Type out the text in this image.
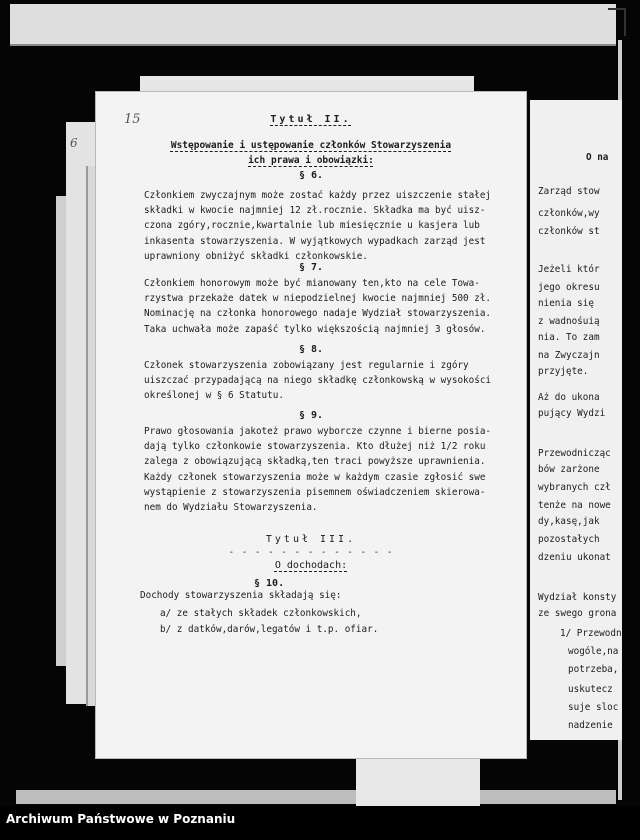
6
O na
Zarząd stow
członków,wy
członków st
Jeżeli któr
jego okresu
nienia się
z wadnośuią
nia. To zam
na Zwyczajn
przyjęte.
Aż do ukona
pujący Wydzi
Przewodnicząc
bów zarżone
wybranych czł
tenże na nowe
dy,kasę,jak
pozostałych
dzeniu ukonat
Wydział konsty
ze swego grona
1/ Przewodn
wogóle,na
potrzeba,
uskutecz
suje sloc
nadzenie
15	Tytuł II.
Wstępowanie i ustępowanie członków Stowarzyszenia
ich prawa i obowiązki:
§ 6.
Członkiem zwyczajnym może zostać każdy przez uiszczenie stałej
składki w kwocie najmniej 12 zł.rocznie. Składka ma być uisz-
czona zgóry,rocznie,kwartalnie lub miesięcznie u kasjera lub
inkasenta stowarzyszenia. W wyjątkowych wypadkach zarząd jest
uprawniony obniżyć składki członkowskie.
§ 7.
Członkiem honorowym może być mianowany ten,kto na cele Towa-
rzystwa przekaże datek w niepodzielnej kwocie najmniej 500 zł.
Nominację na członka honorowego nadaje Wydział stowarzyszenia.
Taka uchwała może zapaść tylko większością najmniej 3 głosów.
§ 8.
Członek stowarzyszenia zobowiązany jest regularnie i zgóry
uiszczać przypadającą na niego składkę członkowską w wysokości
określonej w § 6 Statutu.
§ 9.
Prawo głosowania jakoteż prawo wyborcze czynne i bierne posia-
dają tylko członkowie stowarzyszenia. Kto dłużej niż 1/2 roku
zalega z obowiązującą składką,ten traci powyższe uprawnienia.
Każdy członek stowarzyszenia może w każdym czasie zgłosić swe
wystąpienie z stowarzyszenia pisemnem oświadczeniem skierowa-
nem do Wydziału Stowarzyszenia.
Tytuł III.
- - - - - - - - - - - - -
O dochodach:
§ 10.
Dochody stowarzyszenia składają się:
a/ ze stałych składek członkowskich,
b/ z datków,darów,legatów i t.p. ofiar.
Archiwum Państwowe w Poznaniu
